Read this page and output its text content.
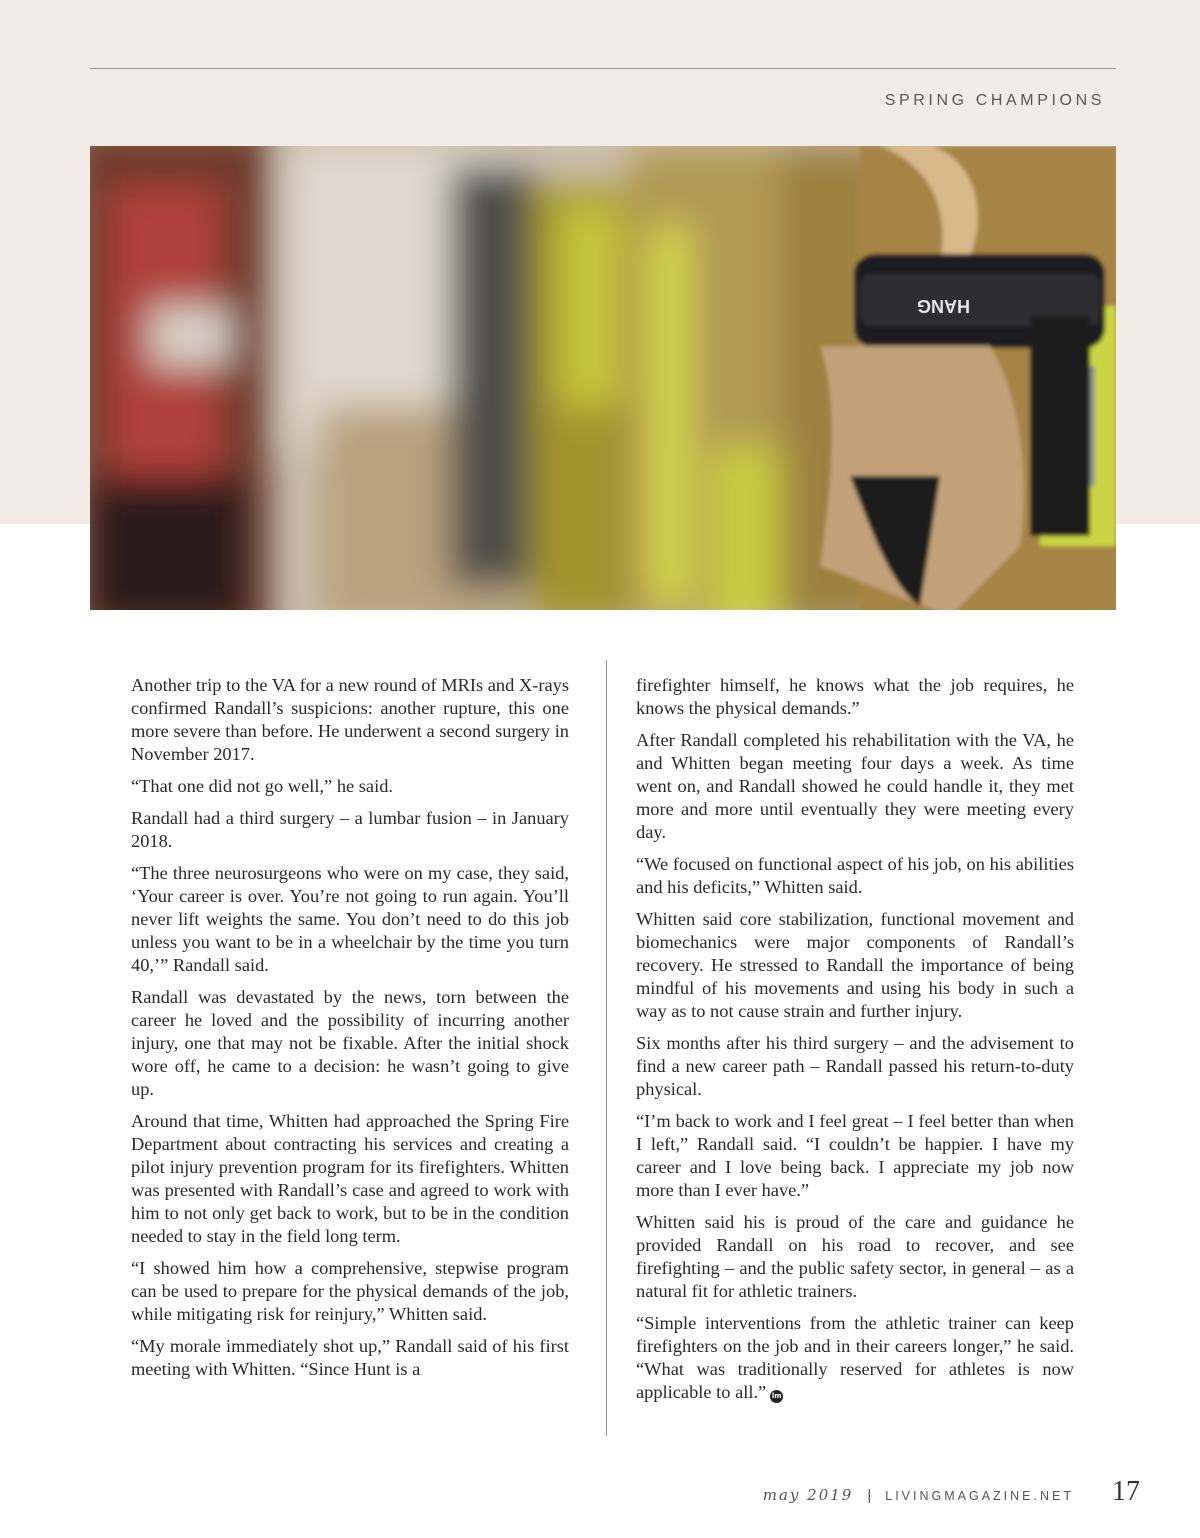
SPRING CHAMPIONS
HANG

Another trip to the VA for a new round of MRIs and X-rays confirmed Randall’s suspicions: another rupture, this one more severe than before. He underwent a second surgery in November 2017.

“That one did not go well,” he said.

Randall had a third surgery – a lumbar fusion – in January 2018.

“The three neurosurgeons who were on my case, they said, ‘Your career is over. You’re not going to run again. You’ll never lift weights the same. You don’t need to do this job unless you want to be in a wheelchair by the time you turn 40,’” Randall said.

Randall was devastated by the news, torn between the career he loved and the possibility of incurring another injury, one that may not be fixable. After the initial shock wore off, he came to a decision: he wasn’t going to give up.

Around that time, Whitten had approached the Spring Fire Department about contracting his services and creating a pilot injury prevention program for its firefighters. Whitten was presented with Randall’s case and agreed to work with him to not only get back to work, but to be in the condition needed to stay in the field long term.

“I showed him how a comprehensive, stepwise program can be used to prepare for the physical demands of the job, while mitigating risk for reinjury,” Whitten said.

“My morale immediately shot up,” Randall said of his first meeting with Whitten. “Since Hunt is a

firefighter himself, he knows what the job requires, he knows the physical demands.”

After Randall completed his rehabilitation with the VA, he and Whitten began meeting four days a week. As time went on, and Randall showed he could handle it, they met more and more until eventually they were meeting every day.

“We focused on functional aspect of his job, on his abilities and his deficits,” Whitten said.

Whitten said core stabilization, functional movement and biomechanics were major components of Randall’s recovery. He stressed to Randall the importance of being mindful of his movements and using his body in such a way as to not cause strain and further injury.

Six months after his third surgery – and the advisement to find a new career path – Randall passed his return-to-duty physical.

“I’m back to work and I feel great – I feel better than when I left,” Randall said. “I couldn’t be happier. I have my career and I love being back. I appreciate my job now more than I ever have.”

Whitten said his is proud of the care and guidance he provided Randall on his road to recover, and see firefighting – and the public safety sector, in general – as a natural fit for athletic trainers.

“Simple interventions from the athletic trainer can keep firefighters on the job and in their careers longer,” he said. “What was traditionally reserved for athletes is now applicable to all.” lm

may 2019 | LIVINGMAGAZINE.NET 17
